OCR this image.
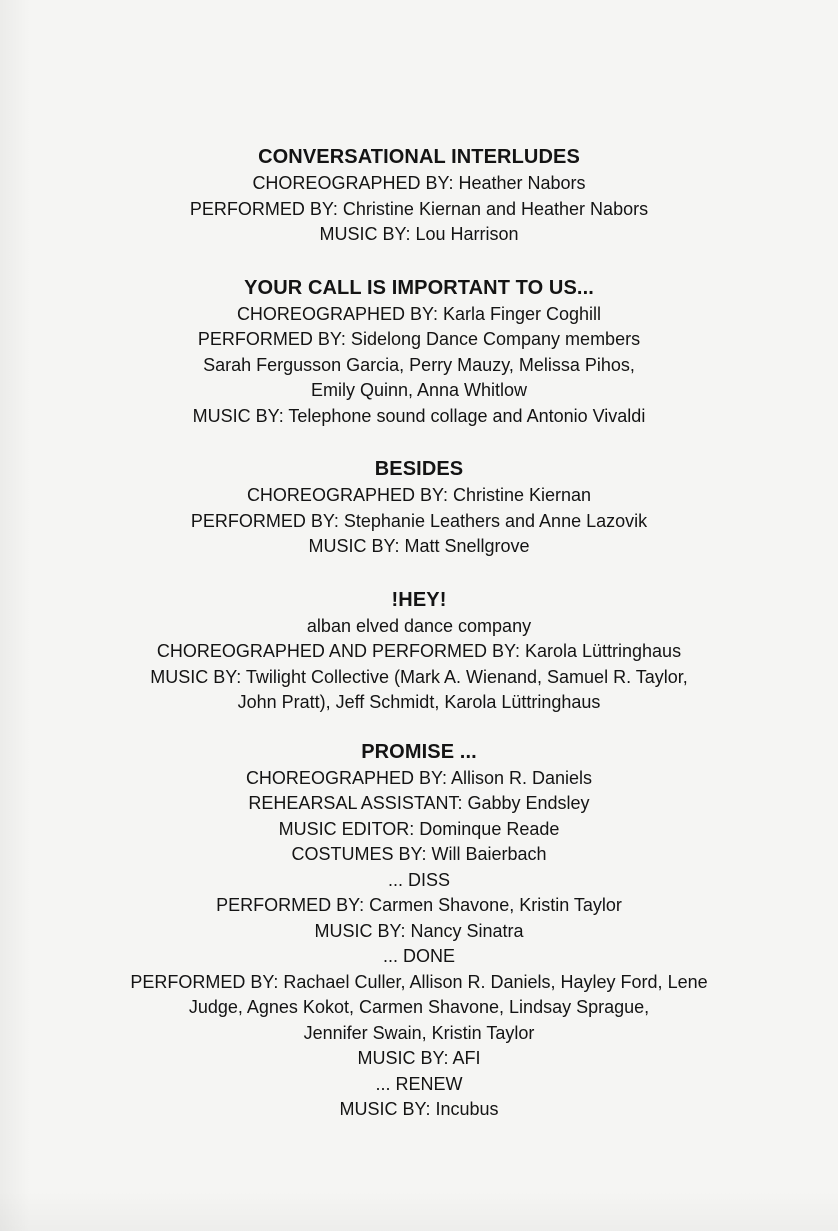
CONVERSATIONAL INTERLUDES

CHOREOGRAPHED BY: Heather Nabors

PERFORMED BY: Christine Kiernan and Heather Nabors

MUSIC BY: Lou Harrison

YOUR CALL IS IMPORTANT TO US...

CHOREOGRAPHED BY: Karla Finger Coghill

PERFORMED BY: Sidelong Dance Company members

Sarah Fergusson Garcia, Perry Mauzy, Melissa Pihos,

Emily Quinn, Anna Whitlow

MUSIC BY: Telephone sound collage and Antonio Vivaldi

BESIDES

CHOREOGRAPHED BY: Christine Kiernan

PERFORMED BY: Stephanie Leathers and Anne Lazovik

MUSIC BY: Matt Snellgrove

!HEY!

alban elved dance company

CHOREOGRAPHED AND PERFORMED BY: Karola Lüttringhaus

MUSIC BY: Twilight Collective (Mark A. Wienand, Samuel R. Taylor,

John Pratt), Jeff Schmidt, Karola Lüttringhaus

PROMISE ...

CHOREOGRAPHED BY: Allison R. Daniels

REHEARSAL ASSISTANT: Gabby Endsley

MUSIC EDITOR: Dominque Reade

COSTUMES BY: Will Baierbach

... DISS

PERFORMED BY: Carmen Shavone, Kristin Taylor

MUSIC BY: Nancy Sinatra

... DONE

PERFORMED BY: Rachael Culler, Allison R. Daniels, Hayley Ford, Lene

Judge, Agnes Kokot, Carmen Shavone, Lindsay Sprague,

Jennifer Swain, Kristin Taylor

MUSIC BY: AFI

... RENEW

MUSIC BY: Incubus
